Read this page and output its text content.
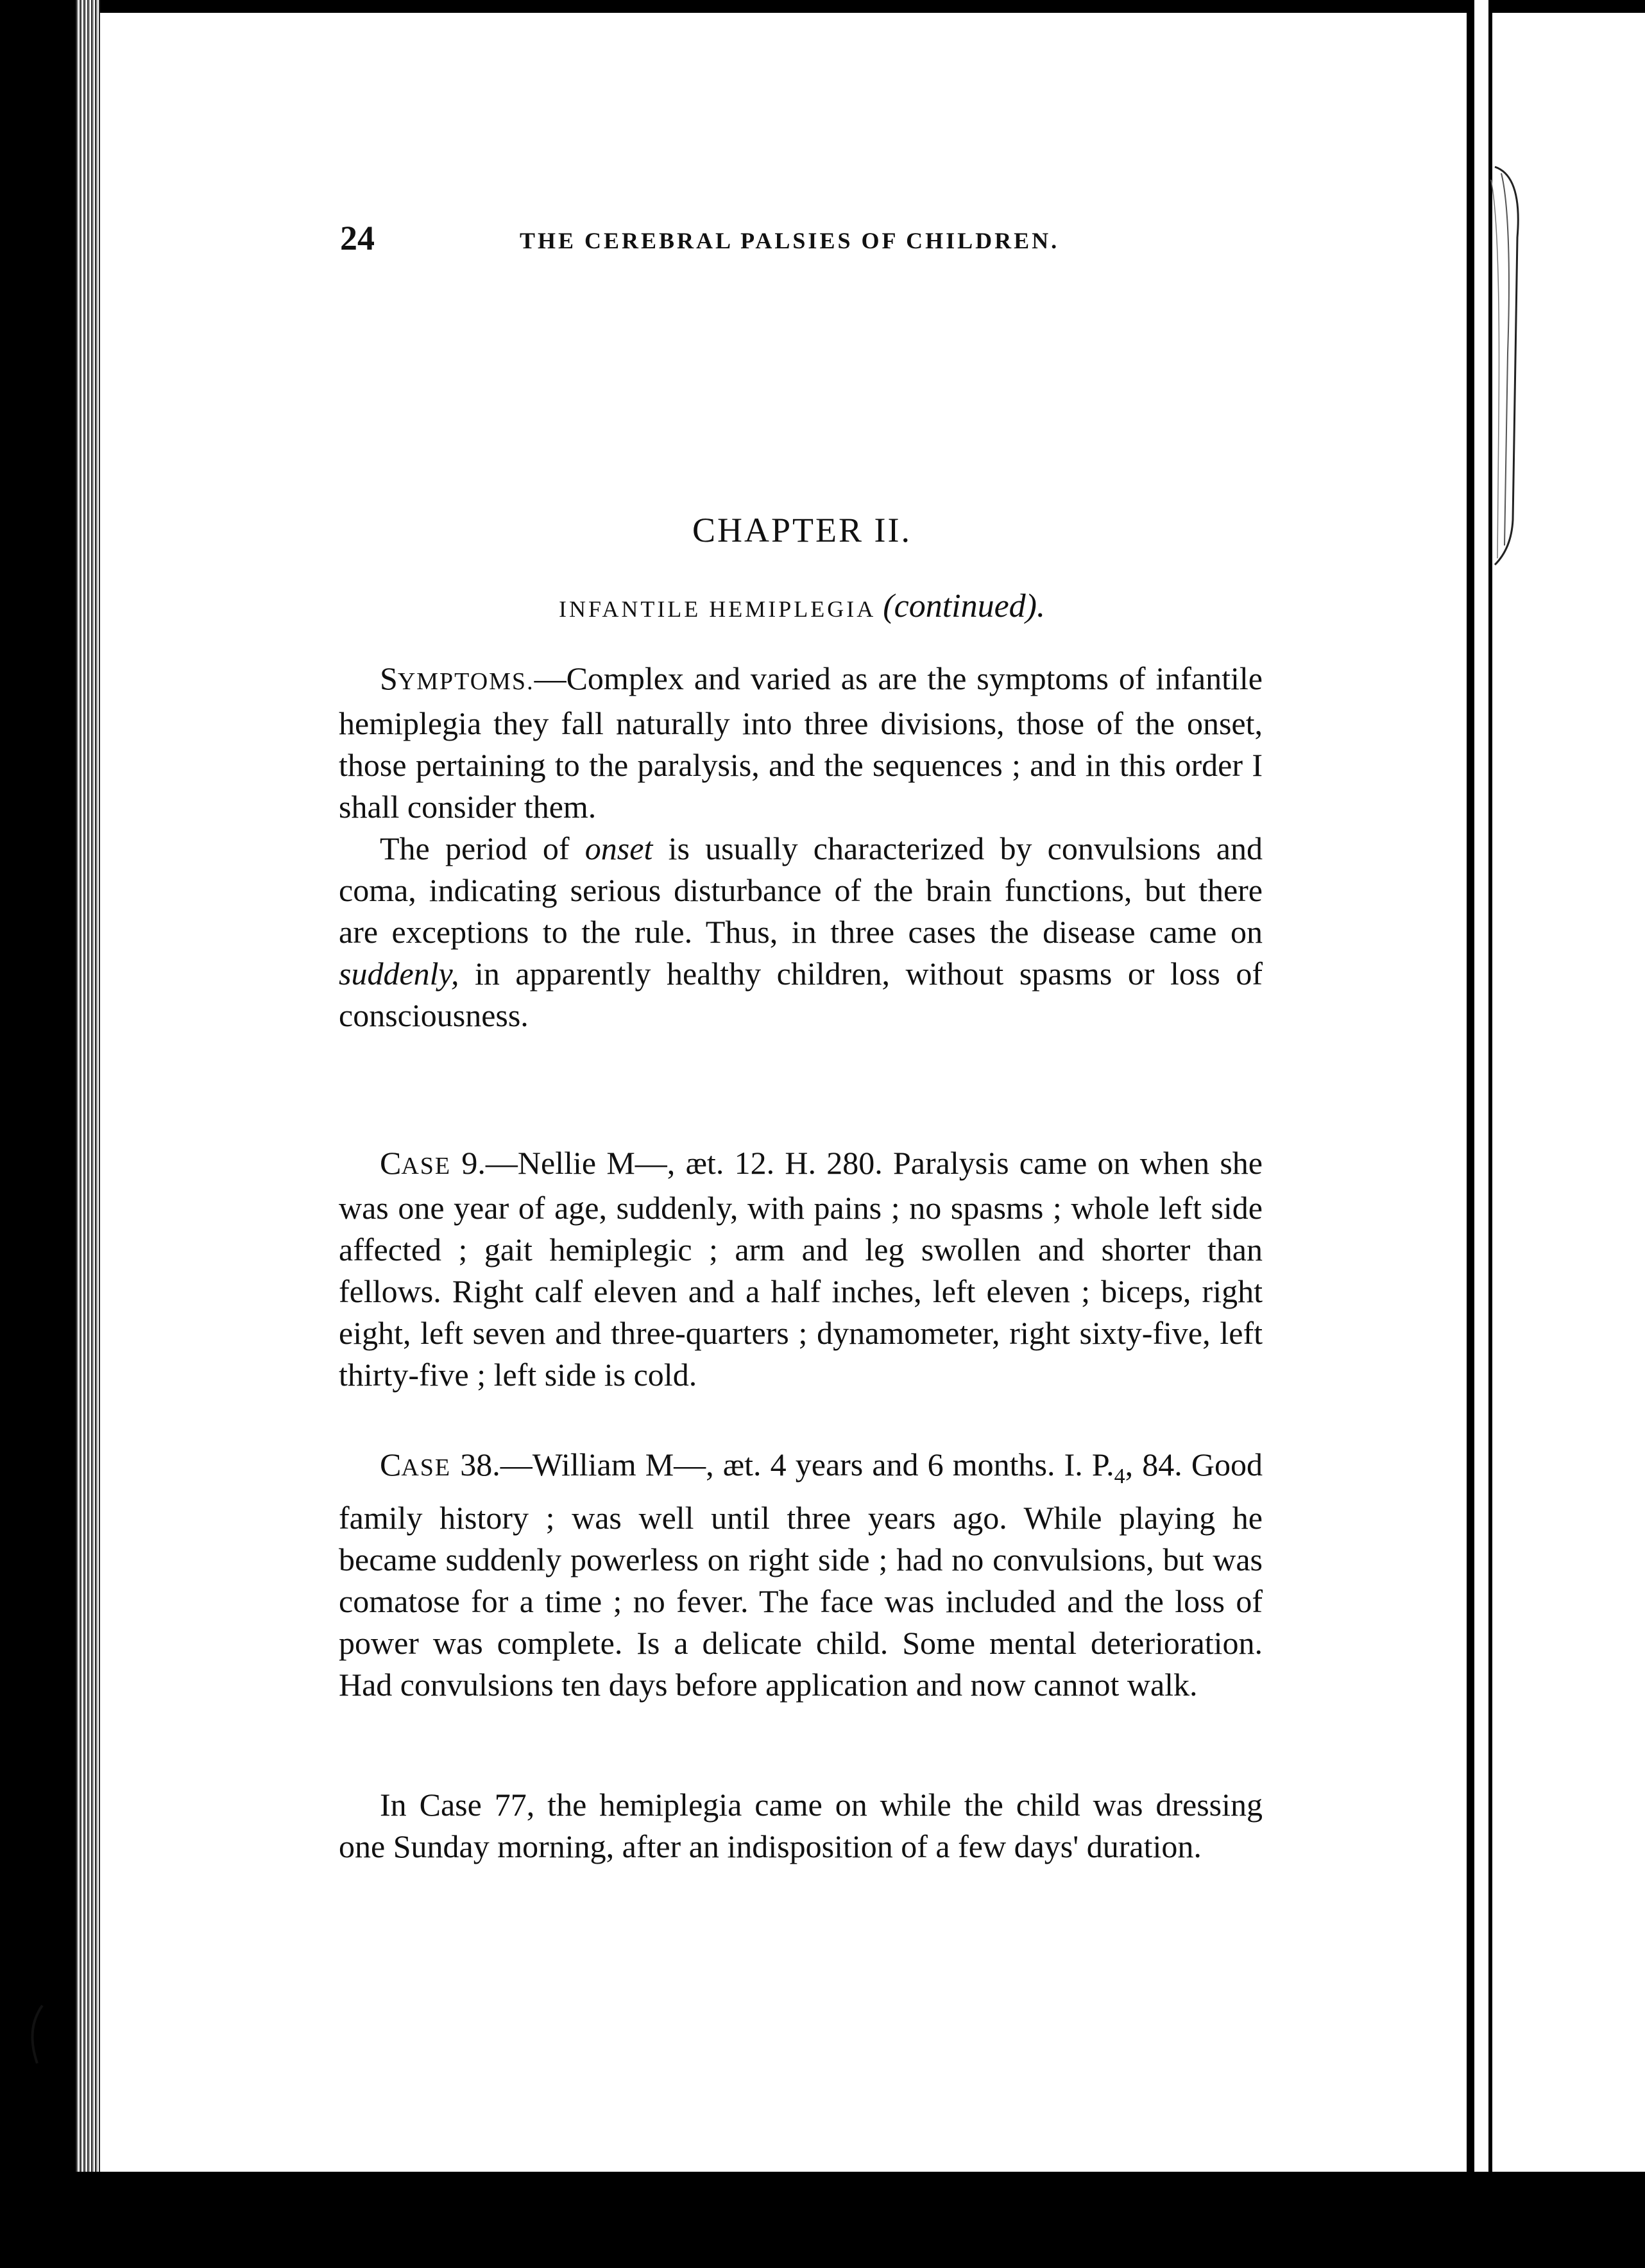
24	THE CEREBRAL PALSIES OF CHILDREN.
CHAPTER II.
INFANTILE HEMIPLEGIA (continued).

SYMPTOMS.—Complex and varied as are the symptoms of infantile hemiplegia they fall naturally into three divisions, those of the onset, those pertaining to the paralysis, and the sequences ; and in this order I shall consider them.

The period of onset is usually characterized by convulsions and coma, indicating serious disturbance of the brain functions, but there are exceptions to the rule. Thus, in three cases the disease came on suddenly, in apparently healthy children, without spasms or loss of consciousness.

CASE 9.—Nellie M—, æt. 12. H. 280. Paralysis came on when she was one year of age, suddenly, with pains ; no spasms ; whole left side affected ; gait hemiplegic ; arm and leg swollen and shorter than fellows. Right calf eleven and a half inches, left eleven ; biceps, right eight, left seven and three-quarters ; dynamometer, right sixty-five, left thirty-five ; left side is cold.

CASE 38.—William M—, æt. 4 years and 6 months. I. $P._4$, 84. Good family history ; was well until three years ago. While playing he became suddenly powerless on right side ; had no convulsions, but was comatose for a time ; no fever. The face was included and the loss of power was complete. Is a delicate child. Some mental deterioration. Had convulsions ten days before application and now cannot walk.

In Case 77, the hemiplegia came on while the child was dressing one Sunday morning, after an indisposition of a few days' duration.
